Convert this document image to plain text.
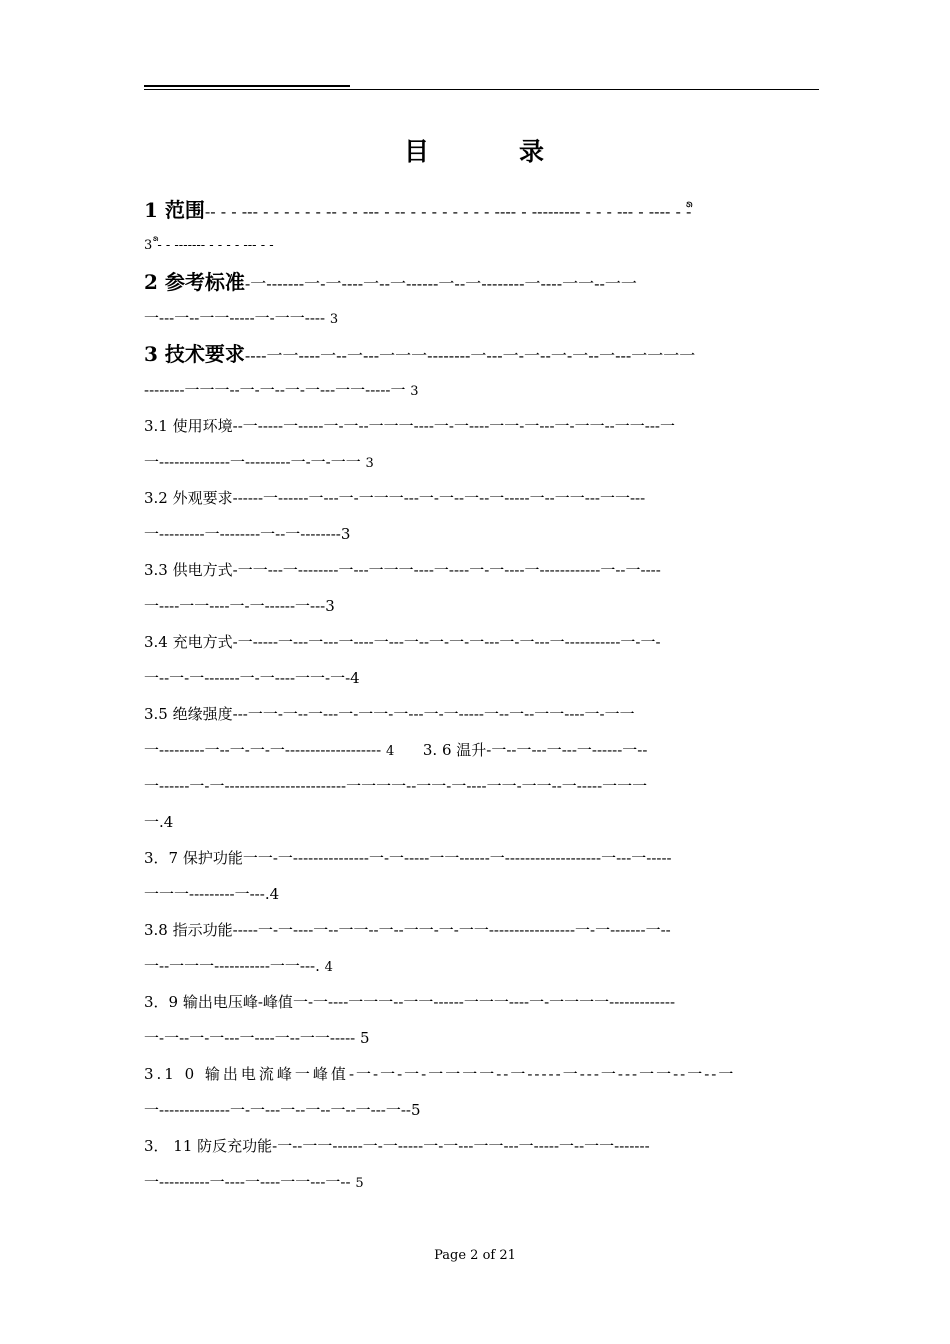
目	录
1 范围-- - - --- - - - - - - -- - - --- - -- - - - - - - - - ---- - --------- - - - --- - ---- - -᩺
3 ᩺- - ------- - - - - --- - -
2 参考标准-一-------一-一----一--一------一--一--------一----一一--一一
一---一--一一-----一-一一---- 3
3 技术要求----一一----一--一---一一一--------一---一-一--一-一--一---一一一一
--------一一一--一-一--一-一---一一-----一 3
3.1 使用环境--一-----一-----一-一--一一一----一-一----一一-一---一-一一--一一---一
一--------------一---------一-一-一一 3
3.2 外观要求------一------一---一-一一一---一-一--一--一-----一--一一---一一---
一---------一--------一--一--------3
3.3 供电方式-一一---一--------一---一一一----一----一-一----一------------一--一----
一----一一----一-一------一---3
3.4 充电方式-一-----一---一---一----一---一--一-一-一---一-一---一-----------一-一-
一--一-一-------一-一----一一-一-4
3.5 绝缘强度---一一-一--一---一-一一-一---一-一-----一--一--一一----一-一一
一---------一--一-一-一------------------- 4 3. 6 温升-一--一---一---一------一--
一------一-一------------------------一一一一--一一-一----一一-一一--一-----一一一
一.4
3．7 保护功能一一-一---------------一-一-----一一------一-------------------一---一-----
一一一---------一---.4
3.8 指示功能-----一-一----一--一一--一--一一-一-一一-----------------一-一-------一--
一--一一一-----------一一---. 4
3．9 输出电压峰-峰值一-一----一一一--一一------一一一----一-一一一一-------------
一-一--一-一---一----一--一一----- 5
3.1 0 输出电流峰一峰值-一-一-一-一一一一--一-----一---一---一一--一--一
一--------------一-一---一--一--一--一---一--5
3． 11 防反充功能-一--一一------一-一-----一-一---一一---一-----一--一一-------
一----------一----一----一一---一-- 5
Page 2 of 21
